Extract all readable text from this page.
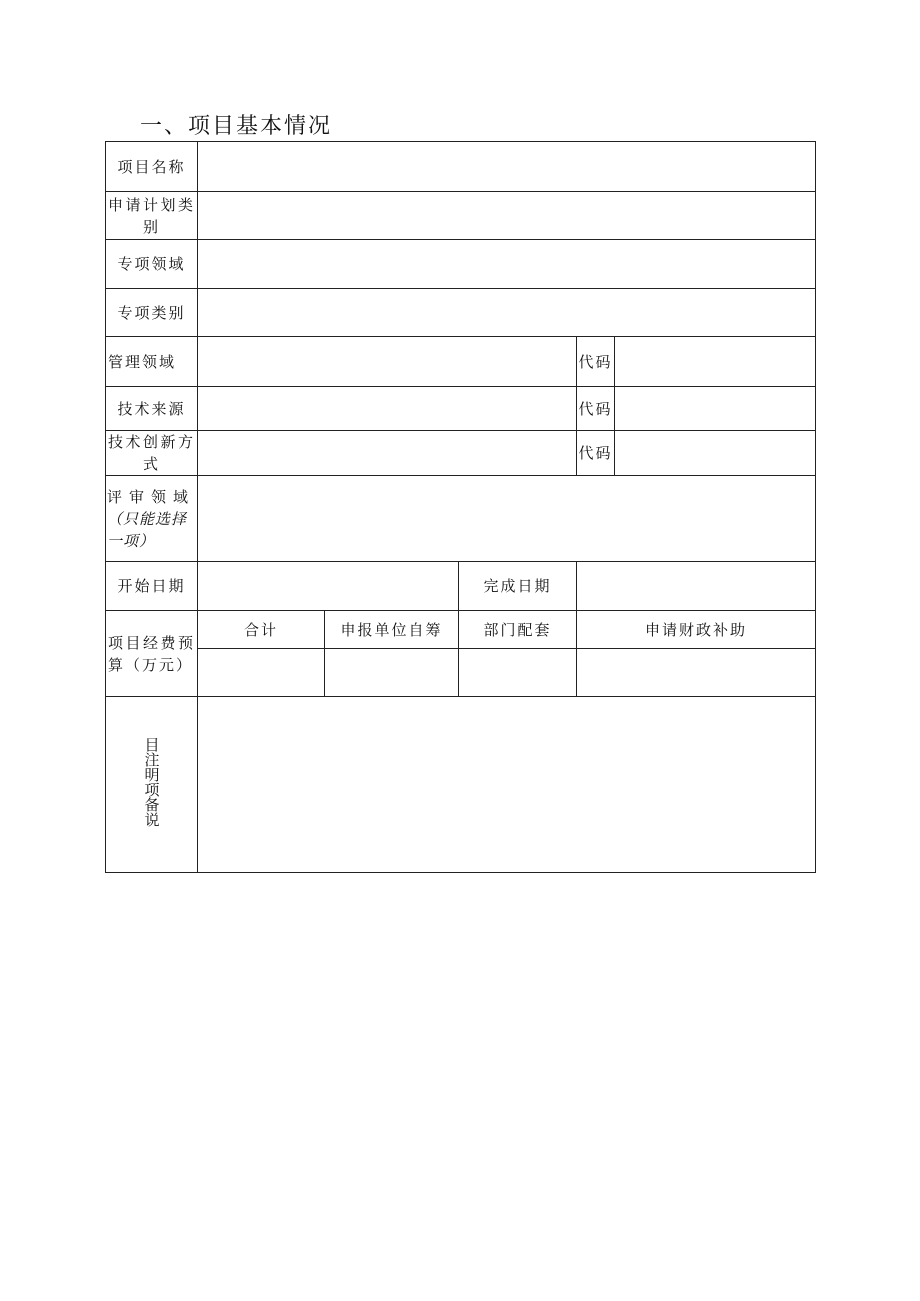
一、项目基本情况
项目名称					
申请计划类

别					

专项领域					
专项类别					
管理领域				代码	
技术来源				代码	
技术创新方

式				代码	

评审领域
（只能选择
一项）					

开始日期			完成日期		
项目经费预

算（万元）	合计	申报单位自筹	部门配套	申请财政补助	

目注明项备说					
